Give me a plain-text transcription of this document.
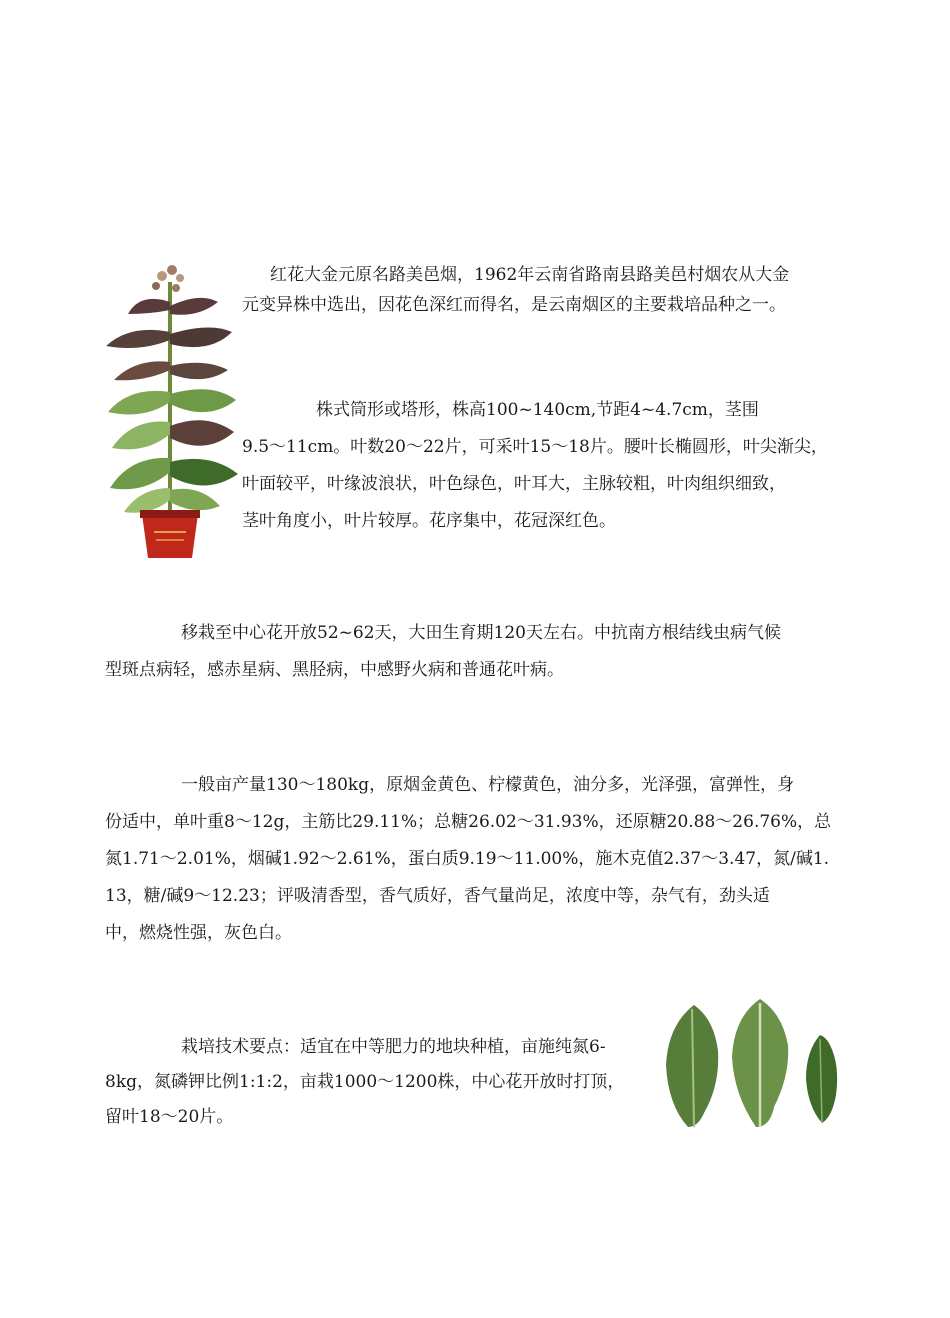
红花大金元原名路美邑烟，1962年云南省路南县路美邑村烟农从大金
元变异株中选出，因花色深红而得名，是云南烟区的主要栽培品种之一。
株式筒形或塔形，株高100~140cm,节距4~4.7cm，茎围
9.5～11cm。叶数20～22片，可采叶15～18片。腰叶长椭圆形，叶尖渐尖，
叶面较平，叶缘波浪状，叶色绿色，叶耳大，主脉较粗，叶肉组织细致，
茎叶角度小，叶片较厚。花序集中，花冠深红色。
移栽至中心花开放52~62天，大田生育期120天左右。中抗南方根结线虫病气候
型斑点病轻，感赤星病、黑胫病，中感野火病和普通花叶病。
一般亩产量130～180kg，原烟金黄色、柠檬黄色，油分多，光泽强，富弹性，身
份适中，单叶重8～12g，主筋比29.11%；总糖26.02～31.93%，还原糖20.88～26.76%，总
氮1.71～2.01%，烟碱1.92～2.61%，蛋白质9.19～11.00%，施木克值2.37～3.47，氮/碱1.
13，糖/碱9～12.23；评吸清香型，香气质好，香气量尚足，浓度中等，杂气有，劲头适
中，燃烧性强，灰色白。
栽培技术要点：适宜在中等肥力的地块种植，亩施纯氮6-
8kg，氮磷钾比例1:1:2，亩栽1000～1200株，中心花开放时打顶，
留叶18～20片。
